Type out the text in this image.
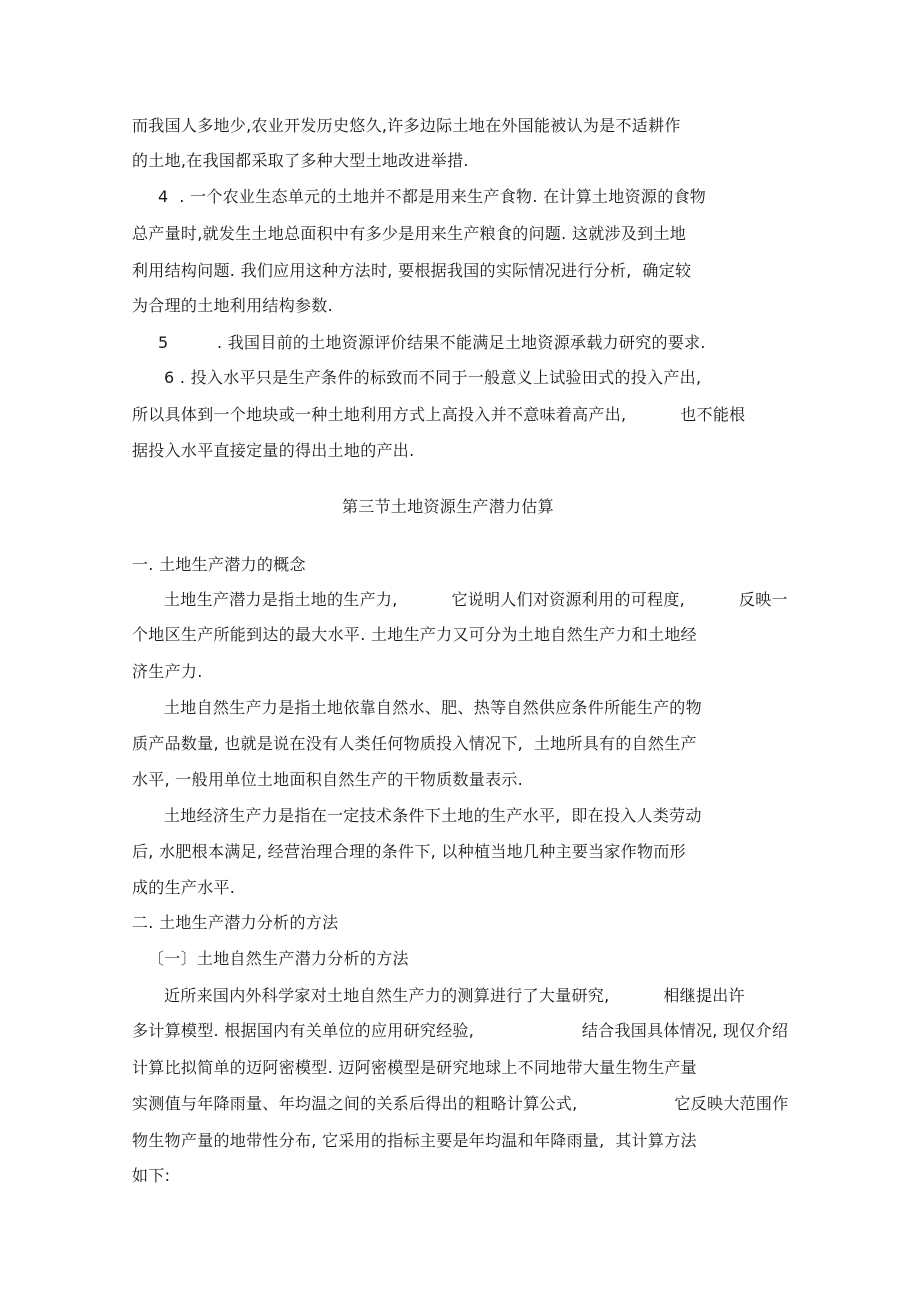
而我国人多地少,农业开发历史悠久,许多边际土地在外国能被认为是不适耕作
的土地,在我国都采取了多种大型土地改进举措.
4  . 一个农业生态单元的土地并不都是用来生产食物. 在计算土地资源的食物
总产量时,就发生土地总面积中有多少是用来生产粮食的问题. 这就涉及到土地
利用结构问题. 我们应用这种方法时, 要根据我国的实际情况进行分析,  确定较
为合理的土地利用结构参数.
5         . 我国目前的土地资源评价结果不能满足土地资源承载力研究的要求.
6 . 投入水平只是生产条件的标致而不同于一般意义上试验田式的投入产出,
所以具体到一个地块或一种土地利用方式上高投入并不意味着高产出,          也不能根
据投入水平直接定量的得出土地的产出.
第三节土地资源生产潜力估算
一. 土地生产潜力的概念
土地生产潜力是指土地的生产力,          它说明人们对资源利用的可程度,          反映一
个地区生产所能到达的最大水平. 土地生产力又可分为土地自然生产力和土地经
济生产力.
土地自然生产力是指土地依靠自然水、肥、热等自然供应条件所能生产的物
质产品数量, 也就是说在没有人类任何物质投入情况下,  土地所具有的自然生产
水平, 一般用单位土地面积自然生产的干物质数量表示.
土地经济生产力是指在一定技术条件下土地的生产水平,  即在投入人类劳动
后, 水肥根本满足, 经营治理合理的条件下, 以种植当地几种主要当家作物而形
成的生产水平.
二. 土地生产潜力分析的方法
〔一〕土地自然生产潜力分析的方法
近所来国内外科学家对土地自然生产力的测算进行了大量研究,          相继提出许
多计算模型. 根据国内有关单位的应用研究经验,                    结合我国具体情况, 现仅介绍
计算比拟简单的迈阿密模型. 迈阿密模型是研究地球上不同地带大量生物生产量
实测值与年降雨量、年均温之间的关系后得出的粗略计算公式,                  它反映大范围作
物生物产量的地带性分布, 它采用的指标主要是年均温和年降雨量,  其计算方法
如下:
